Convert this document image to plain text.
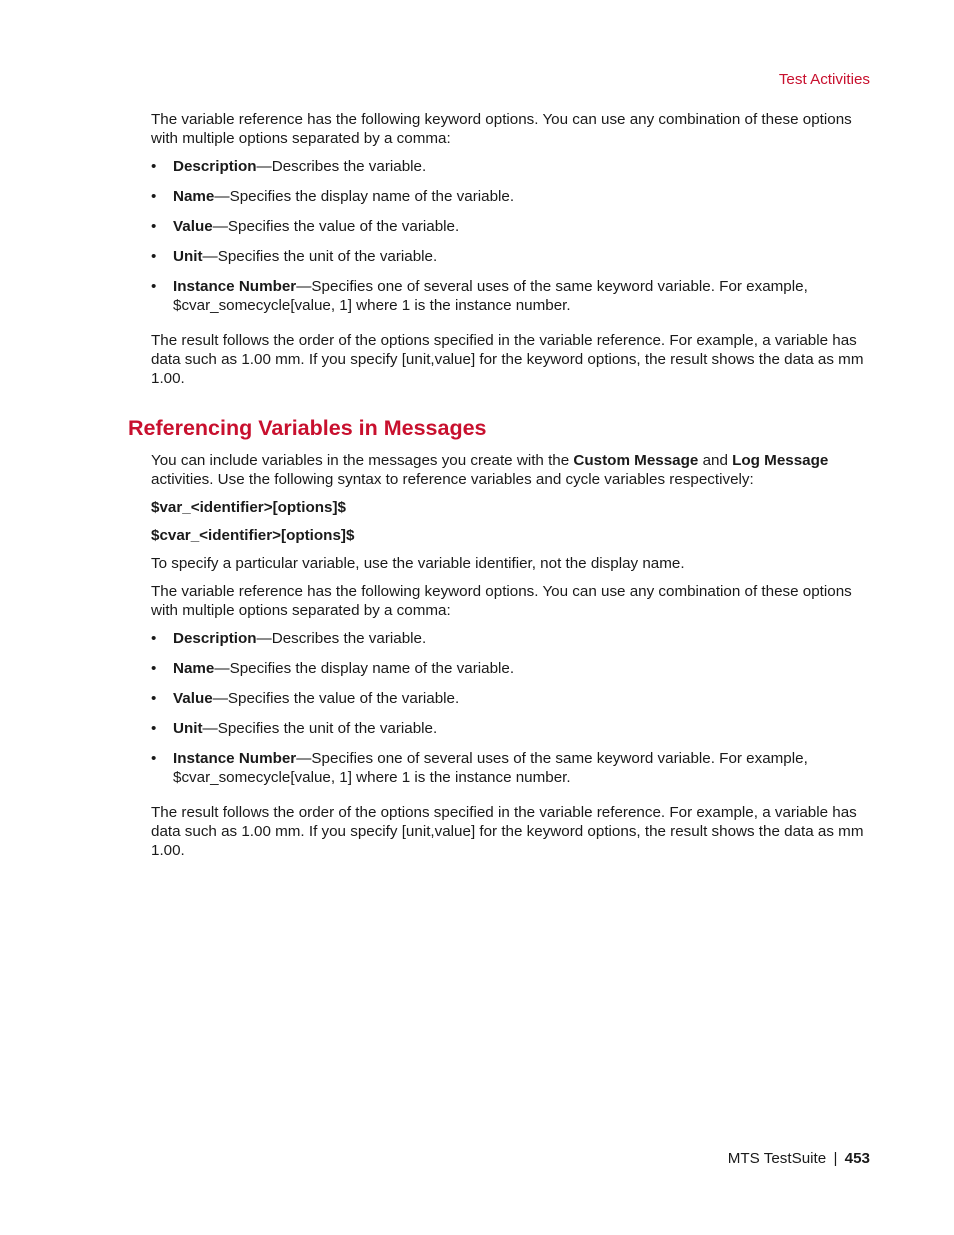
Test Activities

The variable reference has the following keyword options. You can use any combination of these options with multiple options separated by a comma:

• Description—Describes the variable.
• Name—Specifies the display name of the variable.
• Value—Specifies the value of the variable.
• Unit—Specifies the unit of the variable.
• Instance Number—Specifies one of several uses of the same keyword variable. For example, $cvar_somecycle[value, 1] where 1 is the instance number.

The result follows the order of the options specified in the variable reference. For example, a variable has data such as 1.00 mm. If you specify [unit,value] for the keyword options, the result shows the data as mm 1.00.

Referencing Variables in Messages

You can include variables in the messages you create with the Custom Message and Log Message activities. Use the following syntax to reference variables and cycle variables respectively:

$var_<identifier>[options]$

$cvar_<identifier>[options]$

To specify a particular variable, use the variable identifier, not the display name.

The variable reference has the following keyword options. You can use any combination of these options with multiple options separated by a comma:

• Description—Describes the variable.
• Name—Specifies the display name of the variable.
• Value—Specifies the value of the variable.
• Unit—Specifies the unit of the variable.
• Instance Number—Specifies one of several uses of the same keyword variable. For example, $cvar_somecycle[value, 1] where 1 is the instance number.

The result follows the order of the options specified in the variable reference. For example, a variable has data such as 1.00 mm. If you specify [unit,value] for the keyword options, the result shows the data as mm 1.00.

MTS TestSuite | 453
